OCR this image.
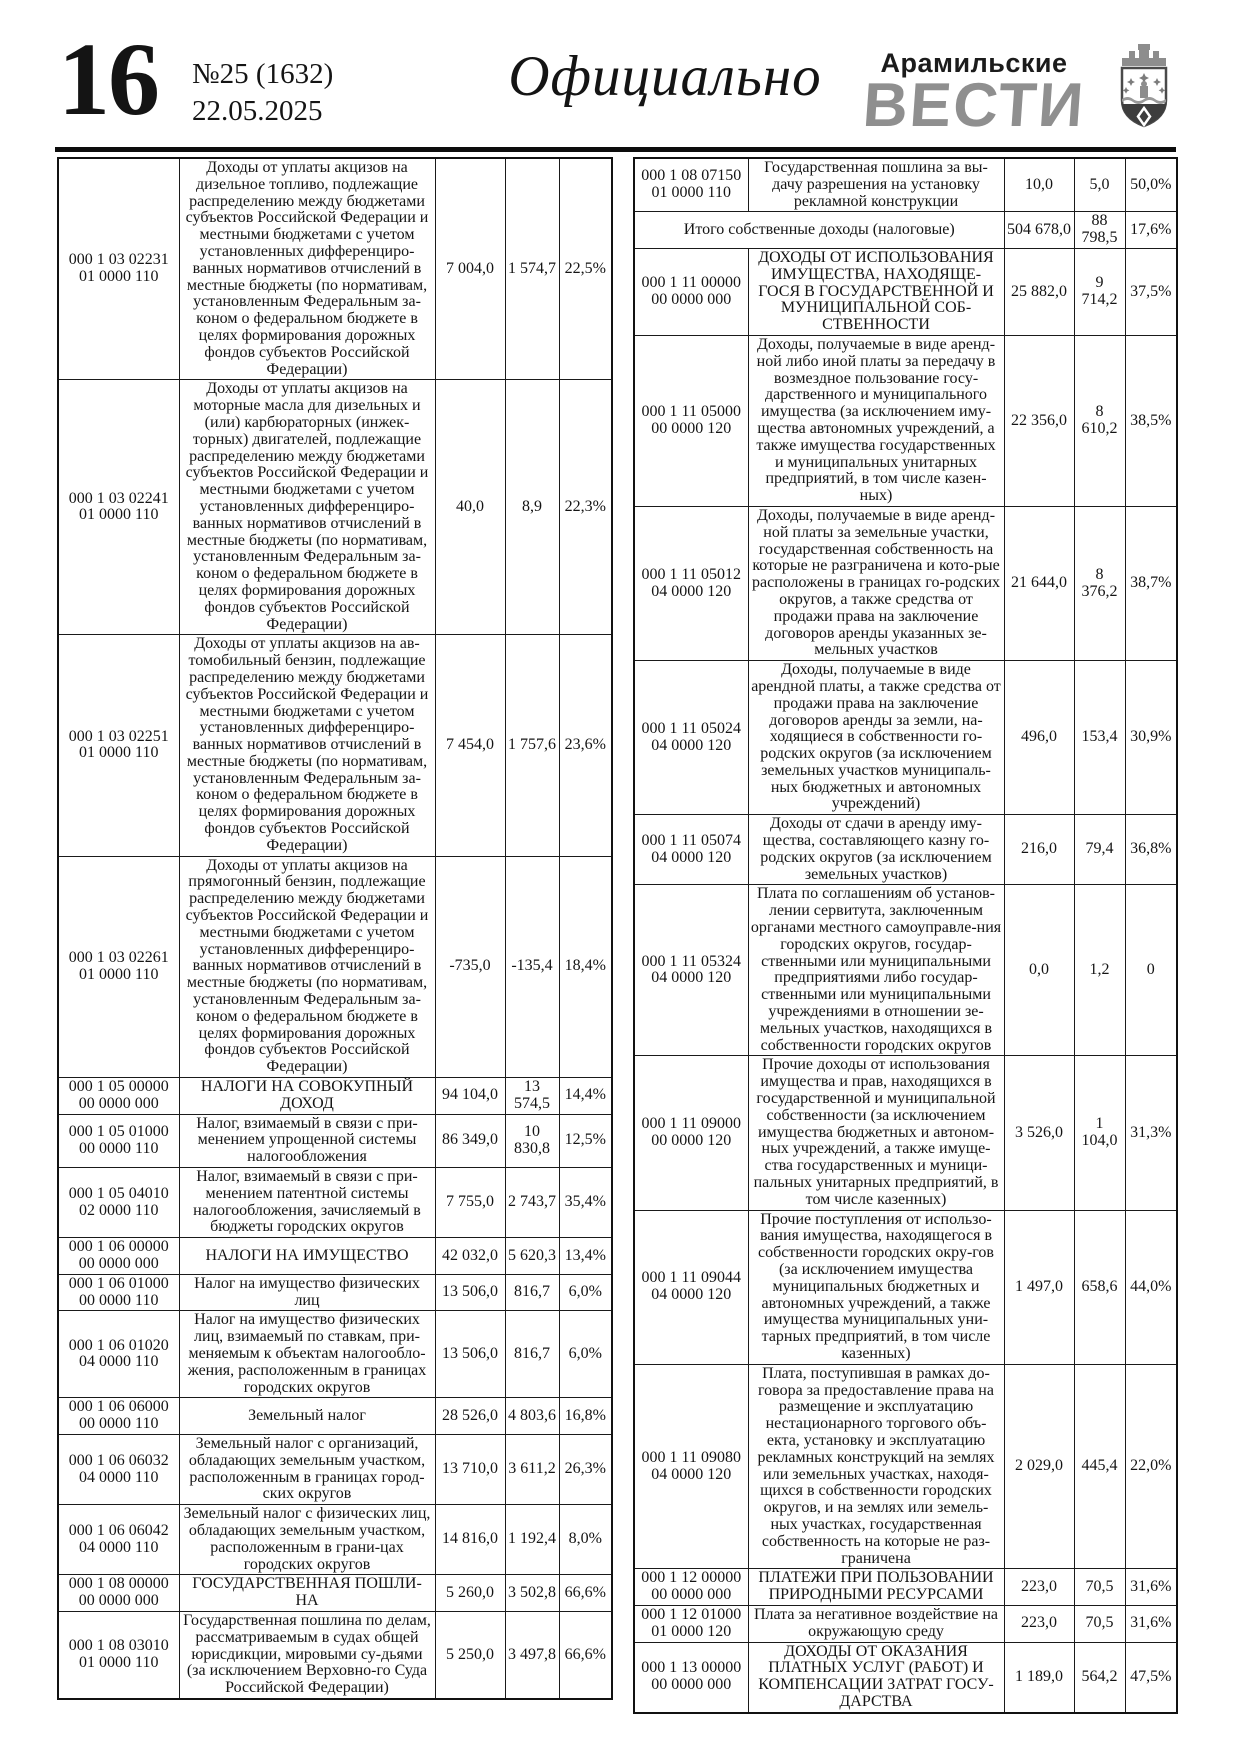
16 №25 (1632)
22.05.2025
Официально	Арамильские
ВЕСТИ
000 1 03 02231 01 0000 110	Доходы от уплаты акцизов на дизельное топливо, подлежащие распределению между бюджетами субъектов Российской Федерации и местными бюджетами с учетом установленных дифференциро-ванных нормативов отчислений в местные бюджеты (по нормативам, установленным Федеральным за-коном о федеральном бюджете в целях формирования дорожных фондов субъектов Российской Федерации)	7 004,0	1 574,7	22,5%
000 1 03 02241 01 0000 110	Доходы от уплаты акцизов на моторные масла для дизельных и (или) карбюраторных (инжек-торных) двигателей, подлежащие распределению между бюджетами субъектов Российской Федерации и местными бюджетами с учетом установленных дифференциро-ванных нормативов отчислений в местные бюджеты (по нормативам, установленным Федеральным за-коном о федеральном бюджете в целях формирования дорожных фондов субъектов Российской Федерации)	40,0	8,9	22,3%
000 1 03 02251 01 0000 110	Доходы от уплаты акцизов на ав-томобильный бензин, подлежащие распределению между бюджетами субъектов Российской Федерации и местными бюджетами с учетом установленных дифференциро-ванных нормативов отчислений в местные бюджеты (по нормативам, установленным Федеральным за-коном о федеральном бюджете в целях формирования дорожных фондов субъектов Российской Федерации)	7 454,0	1 757,6	23,6%
000 1 03 02261 01 0000 110	Доходы от уплаты акцизов на прямогонный бензин, подлежащие распределению между бюджетами субъектов Российской Федерации и местными бюджетами с учетом установленных дифференциро-ванных нормативов отчислений в местные бюджеты (по нормативам, установленным Федеральным за-коном о федеральном бюджете в целях формирования дорожных фондов субъектов Российской Федерации)	-735,0	-135,4	18,4%
000 1 05 00000 00 0000 000	НАЛОГИ НА СОВОКУПНЫЙ ДОХОД	94 104,0	13 574,5	14,4%
000 1 05 01000 00 0000 110	Налог, взимаемый в связи с при-менением упрощенной системы налогообложения	86 349,0	10 830,8	12,5%
000 1 05 04010 02 0000 110	Налог, взимаемый в связи с при-менением патентной системы налогообложения, зачисляемый в бюджеты городских округов	7 755,0	2 743,7	35,4%
000 1 06 00000 00 0000 000	НАЛОГИ НА ИМУЩЕСТВО	42 032,0	5 620,3	13,4%
000 1 06 01000 00 0000 110	Налог на имущество физических лиц	13 506,0	816,7	6,0%
000 1 06 01020 04 0000 110	Налог на имущество физических лиц, взимаемый по ставкам, при-меняемым к объектам налогообло-жения, расположенным в границах городских округов	13 506,0	816,7	6,0%
000 1 06 06000 00 0000 110	Земельный налог	28 526,0	4 803,6	16,8%
000 1 06 06032 04 0000 110	Земельный налог с организаций, обладающих земельным участком, расположенным в границах город-ских округов	13 710,0	3 611,2	26,3%
000 1 06 06042 04 0000 110	Земельный налог с физических лиц, обладающих земельным участком, расположенным в грани-цах городских округов	14 816,0	1 192,4	8,0%
000 1 08 00000 00 0000 000	ГОСУДАРСТВЕННАЯ ПОШЛИ-НА	5 260,0	3 502,8	66,6%
000 1 08 03010 01 0000 110	Государственная пошлина по делам, рассматриваемым в судах общей юрисдикции, мировыми су-дьями (за исключением Верховно-го Суда Российской Федерации)	5 250,0	3 497,8	66,6%
000 1 08 07150 01 0000 110	Государственная пошлина за вы-дачу разрешения на установку рекламной конструкции	10,0	5,0	50,0%
Итого собственные доходы (налоговые)		504 678,0	88 798,5	17,6%
000 1 11 00000 00 0000 000	ДОХОДЫ ОТ ИСПОЛЬЗОВАНИЯ ИМУЩЕСТВА, НАХОДЯЩЕ-ГОСЯ В ГОСУДАРСТВЕННОЙ И МУНИЦИПАЛЬНОЙ СОБ-СТВЕННОСТИ	25 882,0	9 714,2	37,5%
000 1 11 05000 00 0000 120	Доходы, получаемые в виде аренд-ной либо иной платы за передачу в возмездное пользование госу-дарственного и муниципального имущества (за исключением иму-щества автономных учреждений, а также имущества государственных и муниципальных унитарных предприятий, в том числе казен-ных)	22 356,0	8 610,2	38,5%
000 1 11 05012 04 0000 120	Доходы, получаемые в виде аренд-ной платы за земельные участки, государственная собственность на которые не разграничена и кото-рые расположены в границах го-родских округов, а также средства от продажи права на заключение договоров аренды указанных зе-мельных участков	21 644,0	8 376,2	38,7%
000 1 11 05024 04 0000 120	Доходы, получаемые в виде арендной платы, а также средства от продажи права на заключение договоров аренды за земли, на-ходящиеся в собственности го-родских округов (за исключением земельных участков муниципаль-ных бюджетных и автономных учреждений)	496,0	153,4	30,9%
000 1 11 05074 04 0000 120	Доходы от сдачи в аренду иму-щества, составляющего казну го-родских округов (за исключением земельных участков)	216,0	79,4	36,8%
000 1 11 05324 04 0000 120	Плата по соглашениям об установ-лении сервитута, заключенным органами местного самоуправле-ния городских округов, государ-ственными или муниципальными предприятиями либо государ-ственными или муниципальными учреждениями в отношении зе-мельных участков, находящихся в собственности городских округов	0,0	1,2	0
000 1 11 09000 00 0000 120	Прочие доходы от использования имущества и прав, находящихся в государственной и муниципальной собственности (за исключением имущества бюджетных и автоном-ных учреждений, а также имуще-ства государственных и муници-пальных унитарных предприятий, в том числе казенных)	3 526,0	1 104,0	31,3%
000 1 11 09044 04 0000 120	Прочие поступления от использо-вания имущества, находящегося в собственности городских окру-гов (за исключением имущества муниципальных бюджетных и автономных учреждений, а также имущества муниципальных уни-тарных предприятий, в том числе казенных)	1 497,0	658,6	44,0%
000 1 11 09080 04 0000 120	Плата, поступившая в рамках до-говора за предоставление права на размещение и эксплуатацию нестационарного торгового объ-екта, установку и эксплуатацию рекламных конструкций на землях или земельных участках, находя-щихся в собственности городских округов, и на землях или земель-ных участках, государственная собственность на которые не раз-граничена	2 029,0	445,4	22,0%
000 1 12 00000 00 0000 000	ПЛАТЕЖИ ПРИ ПОЛЬЗОВАНИИ ПРИРОДНЫМИ РЕСУРСАМИ	223,0	70,5	31,6%
000 1 12 01000 01 0000 120	Плата за негативное воздействие на окружающую среду	223,0	70,5	31,6%
000 1 13 00000 00 0000 000	ДОХОДЫ ОТ ОКАЗАНИЯ ПЛАТНЫХ УСЛУГ (РАБОТ) И КОМПЕНСАЦИИ ЗАТРАТ ГОСУ-ДАРСТВА	1 189,0	564,2	47,5%
